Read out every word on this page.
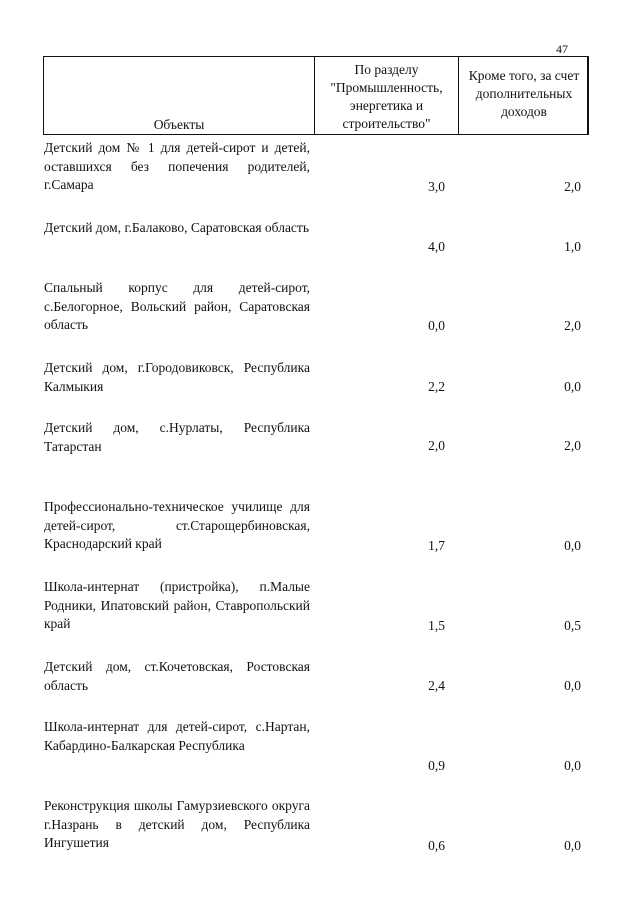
47
Объекты
По разделу
"Промышленность,
энергетика и
строительство"
Кроме того, за счет
дополнительных
доходов
Детский дом № 1 для детей-сирот и детей, оставшихся без попечения родителей, г.Самара	3,0	2,0
Детский дом, г.Балаково, Саратовская область
4,0	1,0
Спальный корпус для детей-сирот, с.Белогорное, Вольский район, Саратовская область	0,0	2,0
Детский дом, г.Городовиковск, Республика Калмыкия	2,2	0,0
Детский дом, с.Нурлаты, Республика Татарстан	2,0	2,0
Профессионально-техническое училище для детей-сирот, ст.Старощербиновская, Краснодарский край	1,7	0,0
Школа-интернат (пристройка), п.Малые Родники, Ипатовский район, Ставропольский край	1,5	0,5
Детский дом, ст.Кочетовская, Ростовская область	2,4	0,0
Школа-интернат для детей-сирот, с.Нартан, Кабардино-Балкарская Республика
0,9	0,0
Реконструкция школы Гамурзиевского округа г.Назрань в детский дом, Республика Ингушетия	0,6	0,0
